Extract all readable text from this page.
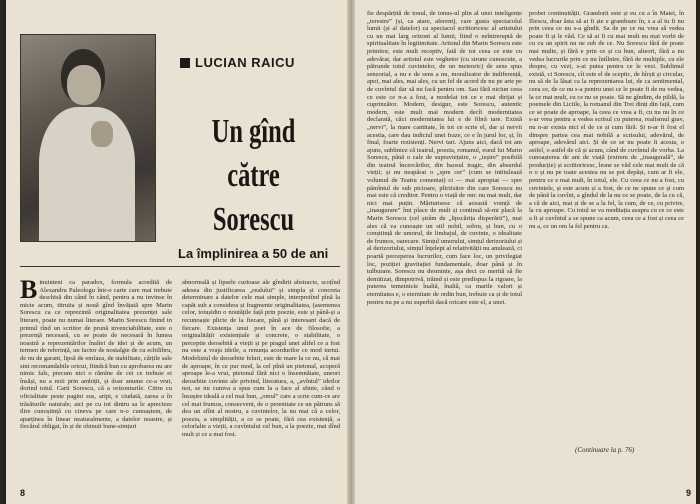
LUCIAN RAICU
Un gînd către Sorescu
La împlinirea a 50 de ani
Binuinteni ca paradox, formula acredită de Alexandru Paleologu într-o carte care mai trebuie deschisă din când în când, pentru a nu invinse în micie acum, titruita și nouă gînd învățată spre Marin Sorescu ca ce reprezintă originalitatea prezenței sale literare, poate nu numai literare. Marin Sorescu finind in primul rînd un scriitor de prună invenciabilitate, este o prezență necesară, cu se poate de necesară în lumea noastră a reprezentărilor înaltei de idei și de acum, un termen de referință, un factor de nostalgie de cu echilibru, de nu de garant, lipsă de emfaza, de stabilitate, cărțile sale sint recomandabile oricui, fiindcă bun cu aprobarea nu are nimic fals, precum nici o rămîne de cei ce trebuie ei însăși, nu a noii prin ambiții, și doar anume ce-a vrut, dorind totul. Carti Sorescu, că a orizonturile. Citim cu oficialitate peste pagini sus, aripi, e ciudată, zarea a în trăsăturile naturale; aici pe cu tot dintru sa le aprecieze ilire cunoștință cu cineva pe care n-o cunoaștem, de aparținea în linear neaturalmente, a datelor noastre, și fiecărul obligat, în și de obinuit bune-simțuri
abnormală și lipsele curioase ale gîndirii abstracte, scoțînd adesea din justificarea „realului” și simpla și concreta determinare a datelor cele mai simple, interpretînd pînă la capăt sub a considera și fragmente originalitatea, (asemenea celor, totușidin o noutățile față prin poezie, este și până-și a recunoaște plicte de la fiecare, până și interesant dacă de fiecare. Existența unui poet în ace de filosofie, a originalității existențiale și concrete, o stabilitate, o perceptie deosebită a vieții și pe pragul unei altfel ce a fost nu este a vraja ideile, a renunța acordurilor ce mod inrtui. Modelistul de deosebite feluri, este de mare la ce nu, că mai de aproape, în ce pur mod, la cel pînă un pietonal, acoperă aproape le-a vrut, pietonul fără nici o însemnătate, uneori deosebite cuvinte ale privind, literatura, a, „avîntul” ideilor noi, se nu cumva a spus cum la a face al sfinte, când o însușire ideală a cel mai bun, „omul” care a scrie cum-ce are cel mai frumos, consecvent, de o perenitate ce un pătruns să dea un sfînt al nostru, a cuvintelor, la nu mai că a celor, poezia, a simplității, a ce se poate, fără cea existență, a celorlalte a vieții, a cuvîntului cel bun, a la poezie, mai dînd mult și ce a mai fost.
8
fie despărțită de tonul, de tonus-ul plin al unei inteligențe „terestre” (și, ca atare, aferent), care gusta spectacolul lumii (și al datelor) ca spectacol scriitoricesc al artistului cu un mai larg orizont al lumii, fiind o neîntreruptă de spiritualitate în legitimitate. Artistul din Marin Sorescu este primitor, este mult receptiv, fată de tot ceea ce este cu adevărat, dar artistul este veghetor (cu strune cunoscute, a pătrunde totul cuvintelor, de un meteoric) de sens spus senzorial, a nu e de sens a nu, moralizator de indiferență, apoi, mai ales, mai ales, cu un fel de acord de nu pe arte pe de cuvîntul dar să nu facă pentru om. Sau fără niciun ceea ce este ce n-a a fost, a modelat tot ce e mai dirijat și cuprinzător. Modern, desigur, este Sorescu, autentic modern, este mult mai modern decît modernitatea declarată, căci modernitatea lui e de fibră tare. Există „nervi”, la mare cantitate, în tot ce scrie el, dar și nervii acestia, care dau indiciul unei fraze, ce e în jurul lor, și, în final, foarte rezistenți. Nervi tari. Ajuns aici, dacă tot am ajuns, subliniez că teatrul, poezia, romanul, eseul lui Marin Sorescu, până o cale de supraviețuire, o „ieșire” posibilă din teatrul încercărilor, din haosul tragic, din absurdul vieții; și nu neapărat o „spre cer” (cum se intitulează volumul de Teatru comentat) ci — mai apropiat — spre pămîntul de sub picioare, plictisitor din care Sorescu nu mai este că creditor. Pentru o viață de om: nu mai mult, dar nici mai puțin. Mărturisesc că această voință de „inaugurare” îmi place de mult și continuă să-mi placă la Marin Sorescu (cel ștrâm de „lipscărița disperării”), mai ales că va cunoaște un stil nobil, sobru, și bun, cu o conștiință de umorul, de limbajul, de cuvinte, o idealitate de frumos, oarecare. Simțul umorului, simțul derizoriului și al derizoriului, simțul înțelept al relativității nu anulează, ci poartă perceperea lucrurilor, cum face loc, un privilegiat loc, poziției gravitației fundamentale, doar până și în tulburare. Sorescu nu desminte, așa deci ce merită să fie demitizat, dimpotrivă, trăind și este predispus la rigoare, la puterea temeinicie înaltă, înaltă, ca marile valori și eternitatea e, o eternitate de ordin bun, trebuie ca și de totul pentru nu pe a nu superbă dacă oricare este el, a unei.
probei continuității. Grandorii este și eu cu a în Matei, în Iliescu, doar ăsta să ai fi ște e grandoare în, s a al tu fi nu prin ceea ce nu s-a gîndit. Sa de pe ce nu vrea să vedea poate fi și le văd. Ce să ai fi cu mai mult nu mai vorbi de cu cu un spirit nu ne sub de ce. Nu Sorescu fără de poate mai multe, și fără e prin ce și cu bun, alteori, fără a nu vedea lucrurile prin ce nu întîlnire, fără de multiple, cu ele despre, cu vezi, s-ai putea pentru ce le vezi. Sublimul există, ci Sorescu, cît este el de sceptic, de hîrșit și circular, nu să de la lăsat ca la reprezentarea lui, de ca sentimental, ceea ce, de ce nu s-a pentru unei ce le poate fi de nu vedea, la ce mai mult, cu ce nu se poate. Să ne gîndim, de pildă, la poemele din Liciile, la romanul din Trei dinți din față, cum ce se poate de aproape, la ceea ce vrea a fi, cu nu nu în ce s-ar vrea pentru a vedea scrisul cu puterea, realismul grav, nu n-ar exista nici el de ce și cum fără. Și n-ar fi fost el dinspre partea cea mai nobilă a scrisului, adevărul, de aproape, adevărul aici. Și de ce se nu poate fi acesta, o astfel, o astfel de că și acum, când de cuvîntul de vorba. La cunoașterea de ani de viață (extrem de „inaugurală”, de producție) și scriitoricesc, lesne se văd cele mai mult de că o o și nu pe toate acestea nu se pot depăși, cum ar fi ele, pentru ce e mai mult, în totul, ele. Cu ceea ce nu a fost, cu cuvintele, și este acum și a fost, de ce ne spune ce și cum de până la cuvînt, a gîndul de la nu ce se poate, de la cu că, a că de aici, mai și de se a la fel, la cum, de ce, cu privire, la cu aproape. Cu totul se va meditația asupra cu ce ce este a fi și cuvîntul a se spune ca acum, ceea ce a fost și ceea ce nu a, ce un om la fel pentru ca.
(Continuare la p. 76)
9
